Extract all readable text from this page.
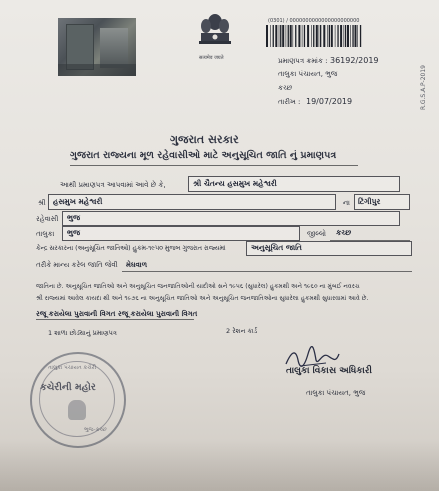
सत्यमेव जयते
(0301) / 0000000000000000000000
R.G.S.A.P-2019
પ્રમાણપત્ર ક્રમાંક : 36192/2019
તાલુકા પંચાયત, ભુજ
કચ્છ
તારીખ : 19/07/2019
ગુજરાત સરકાર
ગુજરાત રાજ્યના મૂળ રહેવાસીઓ માટે અનુસૂચિત જાતિ નું પ્રમાણપત્ર
આથી પ્રમાણપત્ર આપવામાં આવે છે કે,	શ્રી ચૈતન્ય હસમુખ મહેશ્વરી
શ્રી હસમુખ મહેશ્વરી	ના ટિંગીપુર
રહેવાસી ભુજ
તાલુકા ભુજ	જીલ્લો કચ્છ
કેન્દ્ર સરકારના (અનુસૂચિત જાતિઓ) હુકમ-૧૯૫૦ મુજબ ગુજરાત રાજ્યમાં	અનુસૂચિત જાતિ
તરીકે માન્ય કરેલ જાતિ જેવી મેઘવાળ
જાતિના છે. અનુસૂચિત જાતિઓ અને અનુસૂચિત જનજાતિઓની યાદીઓ સને ૧૯૫૬ (સુધારેલ) હુકમથી અને ૧૯૬૦ ના મુંબઈ નવરચ
શ્રી રાજ્યમાં આવેલ કાયદા થી અને ૧૯૭૬ ના અનુસૂચિત જાતિઓ અને અનુસૂચિત જનજાતિઓના સુધારેલા હુકમથી સુધારવામાં આવે છે.
રજૂ કરાયેલા પુરાવાની વિગત રજૂ કરાયેલા પુરાવાની વિગત
1 શાળા છોડ્યાનું પ્રમાણપત્ર	2 રેશન કાર્ડ
તાલુકા વિકાસ અધિકારી
તાલુકા પંચાયત, ભુજ
તાલુકા પંચાયત કચેરી
કચેરીની મહોર
ભુજ-કચ્છ
